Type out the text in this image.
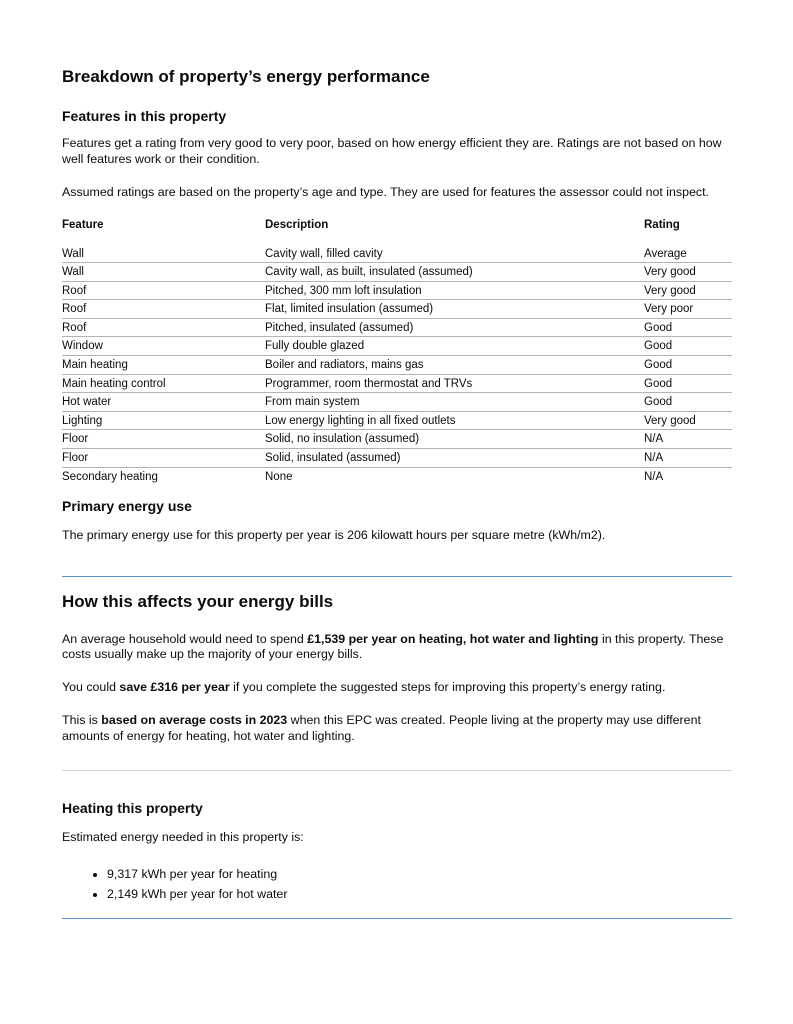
Breakdown of property’s energy performance
Features in this property

Features get a rating from very good to very poor, based on how energy efficient they are. Ratings are not based on how well features work or their condition.

Assumed ratings are based on the property’s age and type. They are used for features the assessor could not inspect.

Feature	Description	Rating
Wall	Cavity wall, filled cavity	Average
Wall	Cavity wall, as built, insulated (assumed)	Very good
Roof	Pitched, 300 mm loft insulation	Very good
Roof	Flat, limited insulation (assumed)	Very poor
Roof	Pitched, insulated (assumed)	Good
Window	Fully double glazed	Good
Main heating	Boiler and radiators, mains gas	Good
Main heating control	Programmer, room thermostat and TRVs	Good
Hot water	From main system	Good
Lighting	Low energy lighting in all fixed outlets	Very good
Floor	Solid, no insulation (assumed)	N/A
Floor	Solid, insulated (assumed)	N/A
Secondary heating	None	N/A
Primary energy use

The primary energy use for this property per year is 206 kilowatt hours per square metre (kWh/m2).

How this affects your energy bills

An average household would need to spend £1,539 per year on heating, hot water and lighting in this property. These costs usually make up the majority of your energy bills.

You could save £316 per year if you complete the suggested steps for improving this property’s energy rating.

This is based on average costs in 2023 when this EPC was created. People living at the property may use different amounts of energy for heating, hot water and lighting.

Heating this property

Estimated energy needed in this property is:

• 9,317 kWh per year for heating
• 2,149 kWh per year for hot water
